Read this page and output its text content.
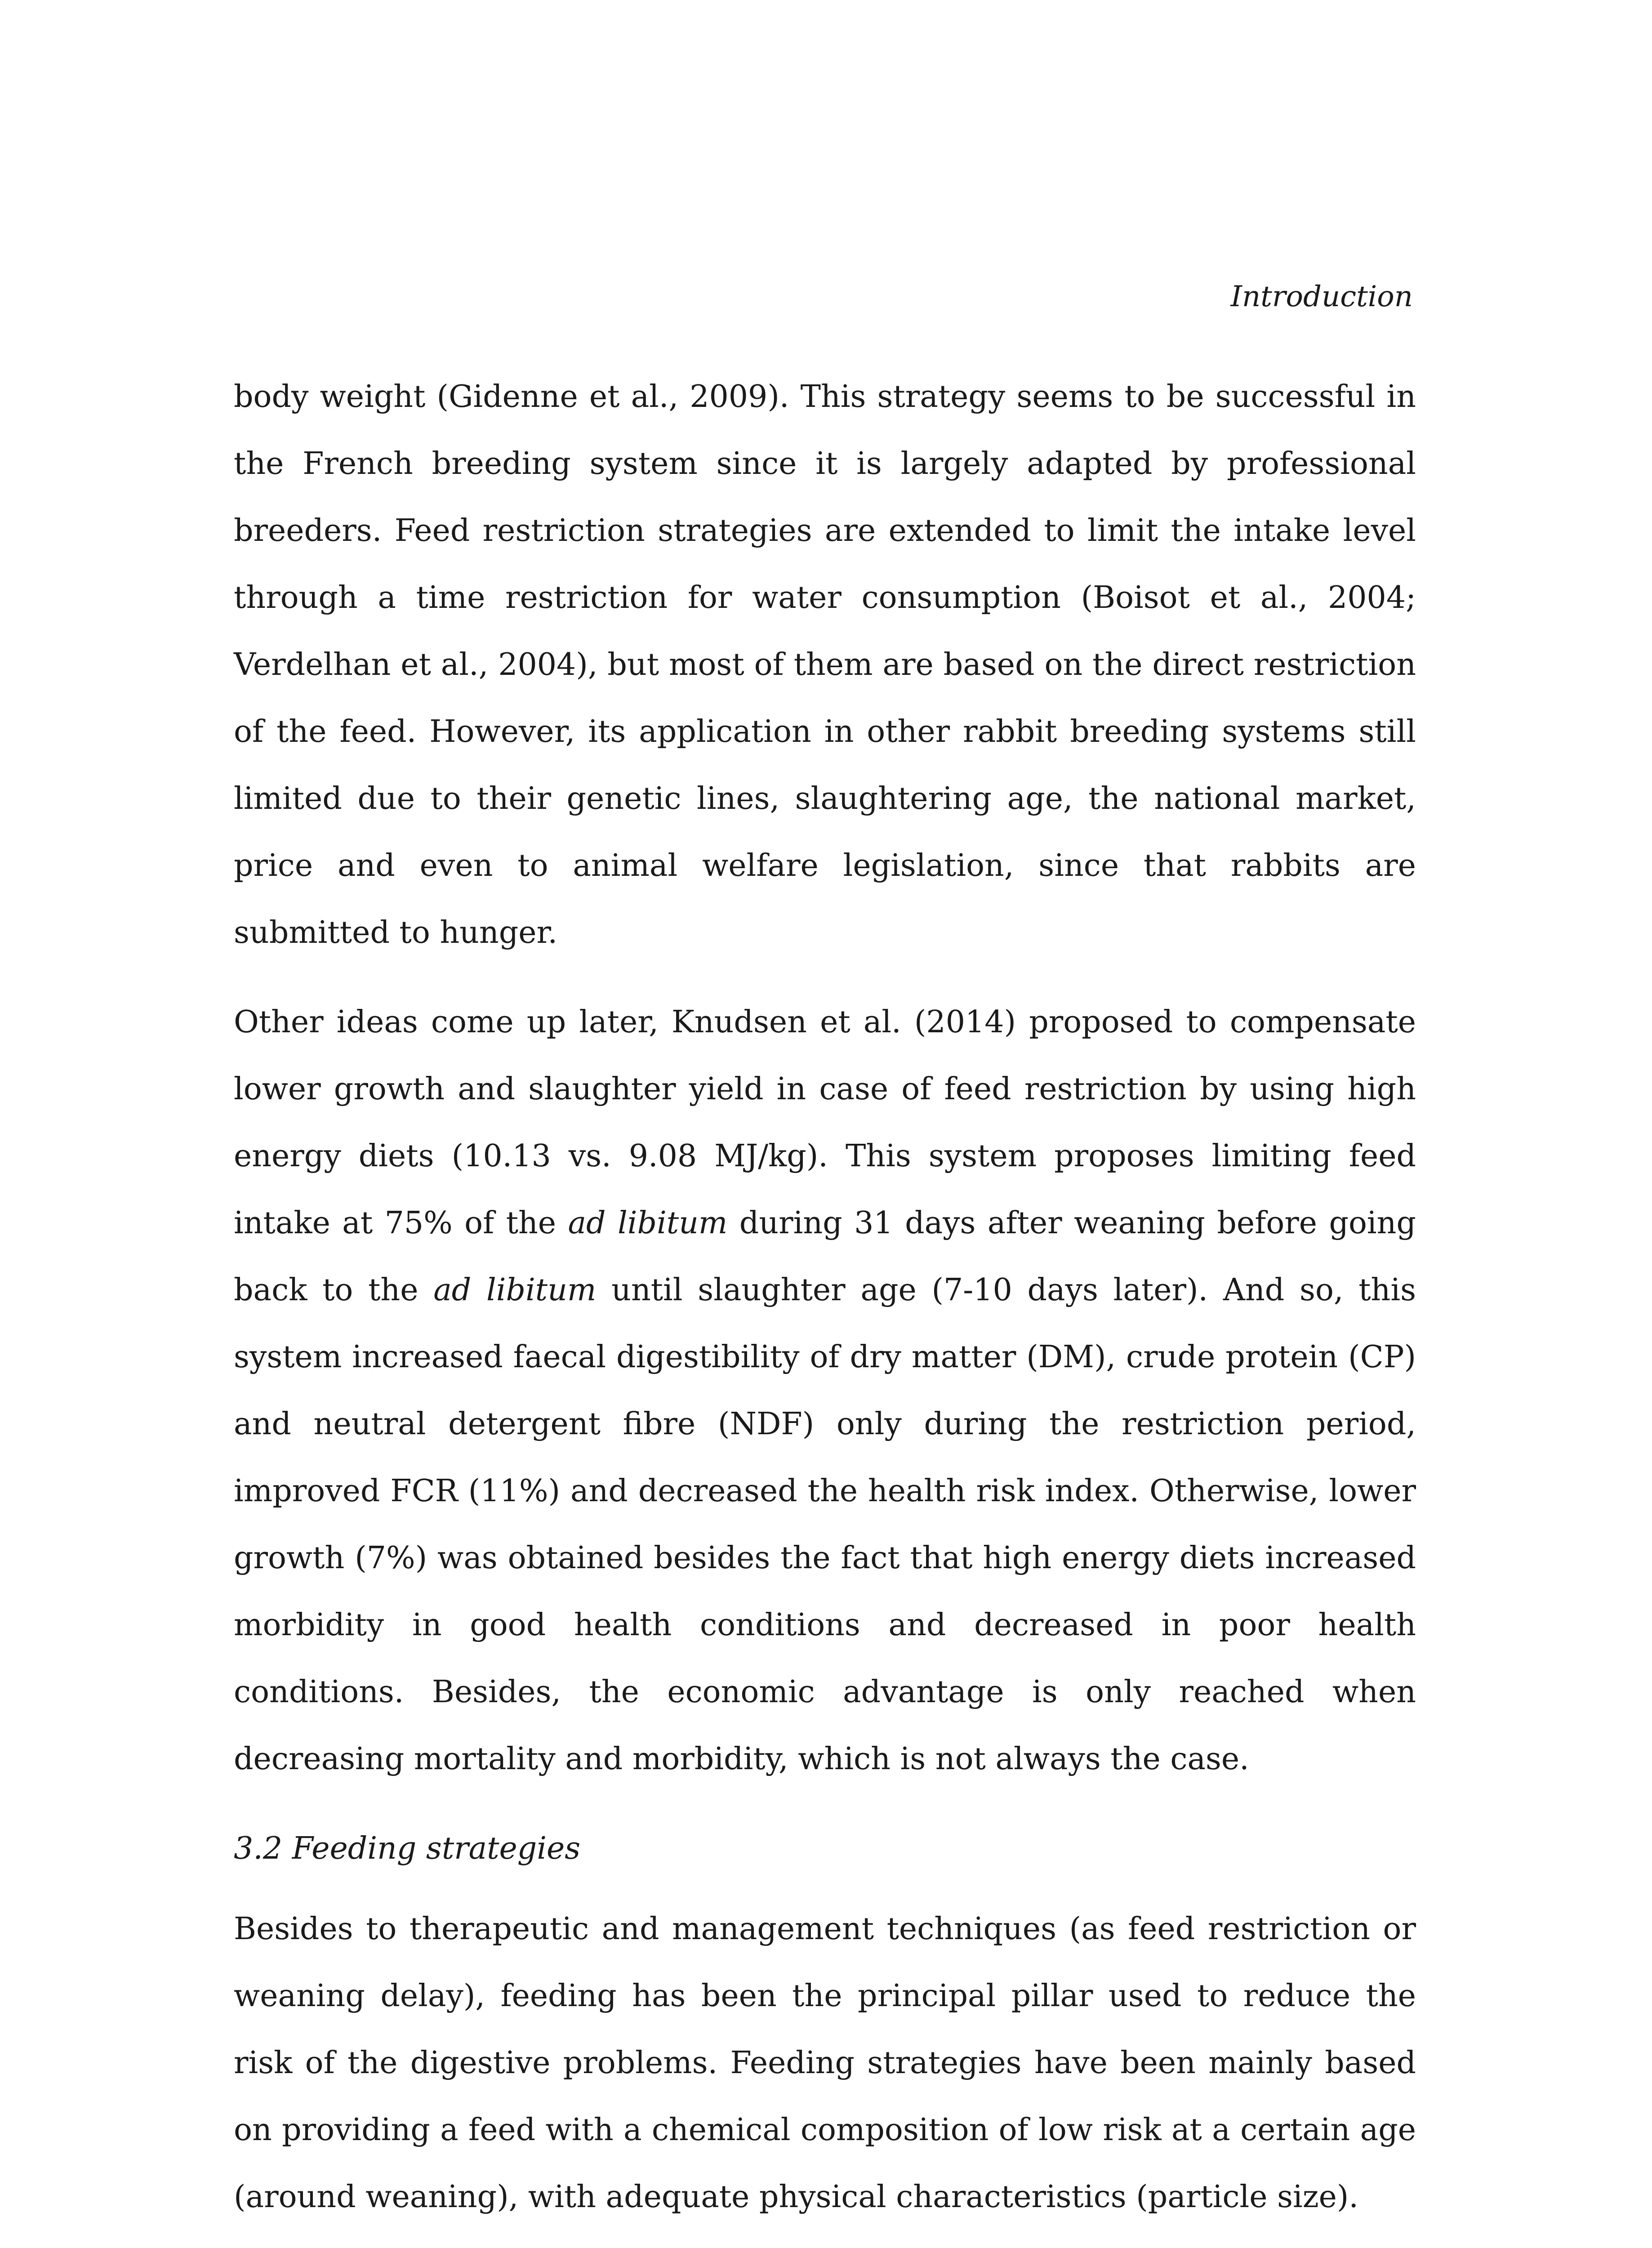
Introduction

body weight (Gidenne et al., 2009). This strategy seems to be successful in the French breeding system since it is largely adapted by professional breeders. Feed restriction strategies are extended to limit the intake level through a time restriction for water consumption (Boisot et al., 2004; Verdelhan et al., 2004), but most of them are based on the direct restriction of the feed. However, its application in other rabbit breeding systems still limited due to their genetic lines, slaughtering age, the national market, price and even to animal welfare legislation, since that rabbits are submitted to hunger.

Other ideas come up later, Knudsen et al. (2014) proposed to compensate lower growth and slaughter yield in case of feed restriction by using high energy diets (10.13 vs. 9.08 MJ/kg). This system proposes limiting feed intake at 75% of the ad libitum during 31 days after weaning before going back to the ad libitum until slaughter age (7-10 days later). And so, this system increased faecal digestibility of dry matter (DM), crude protein (CP) and neutral detergent fibre (NDF) only during the restriction period, improved FCR (11%) and decreased the health risk index. Otherwise, lower growth (7%) was obtained besides the fact that high energy diets increased morbidity in good health conditions and decreased in poor health conditions. Besides, the economic advantage is only reached when decreasing mortality and morbidity, which is not always the case.

3.2 Feeding strategies

Besides to therapeutic and management techniques (as feed restriction or weaning delay), feeding has been the principal pillar used to reduce the risk of the digestive problems. Feeding strategies have been mainly based on providing a feed with a chemical composition of low risk at a certain age (around weaning), with adequate physical characteristics (particle size).
